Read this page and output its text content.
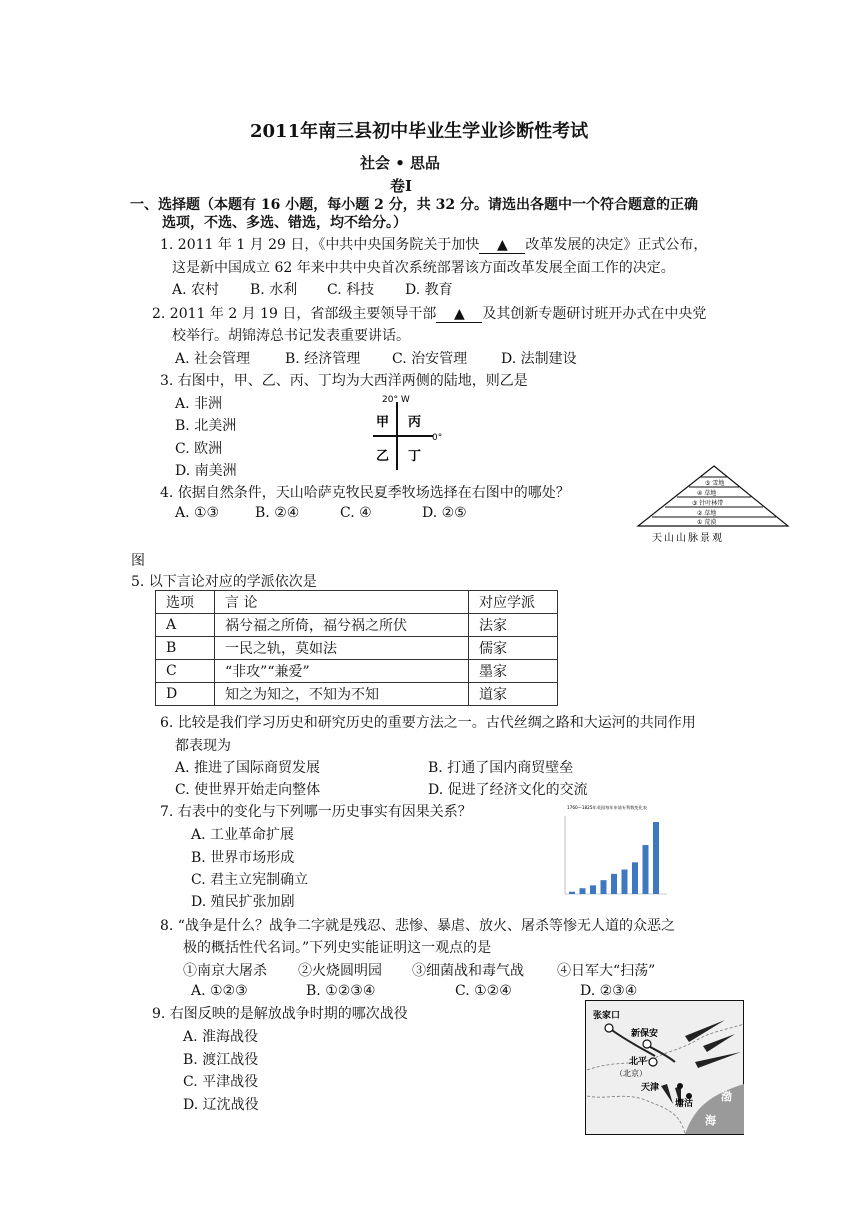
2011年南三县初中毕业生学业诊断性考试
社会 • 思品
卷Ⅰ
一、选择题（本题有 16 小题，每小题 2 分，共 32 分。请选出各题中一个符合题意的正确
选项，不选、多选、错选，均不给分。）
1. 2011 年 1 月 29 日，《中共中央国务院关于加快 ▲ 改革发展的决定》正式公布，
这是新中国成立 62 年来中共中央首次系统部署该方面改革发展全面工作的决定。
A. 农村 B. 水利 C. 科技 D. 教育
2. 2011 年 2 月 19 日，省部级主要领导干部 ▲ 及其创新专题研讨班开办式在中央党
校举行。胡锦涛总书记发表重要讲话。
A. 社会管理 B. 经济管理 C. 治安管理 D. 法制建设
3. 右图中，甲、乙、丙、丁均为大西洋两侧的陆地，则乙是
A. 非洲
B. 北美洲
C. 欧洲
D. 南美洲
20° W
0°
甲 丙
乙 丁
4. 依据自然条件，天山哈萨克牧民夏季牧场选择在右图中的哪处？
A. ①③	B. ②④	C. ④	D. ②⑤
⑤ 雪地
④ 草地
③ 针叶林带
② 草地
① 荒漠
天山山脉景观
图
5. 以下言论对应的学派依次是
选项	言 论	对应学派
A	祸兮福之所倚，福兮祸之所伏	法家
B	一民之轨，莫如法	儒家
C	“非攻”“兼爱”	墨家
D	知之为知之，不知为不知	道家
6. 比较是我们学习历史和研究历史的重要方法之一。古代丝绸之路和大运河的共同作用
都表现为
A. 推进了国际商贸发展	B. 打通了国内商贸壁垒
C. 使世界开始走向整体	D. 促进了经济文化的交流
7. 右表中的变化与下列哪一历史事实有因果关系？
A. 工业革命扩展
B. 世界市场形成
C. 君主立宪制确立
D. 殖民扩张加剧
1760—1825年英国每年申请专利数变化表
8. “战争是什么？战争二字就是残忍、悲惨、暴虐、放火、屠杀等惨无人道的众恶之
极的概括性代名词。”下列史实能证明这一观点的是
①南京大屠杀 ②火烧圆明园 ③细菌战和毒气战 ④日军大“扫荡”
A. ①②③	B. ①②③④	C. ①②④	D. ②③④
9. 右图反映的是解放战争时期的哪次战役
A. 淮海战役
B. 渡江战役
C. 平津战役
D. 辽沈战役
张家口
新保安
北平
（北京）
天津
塘沽
渤
海
